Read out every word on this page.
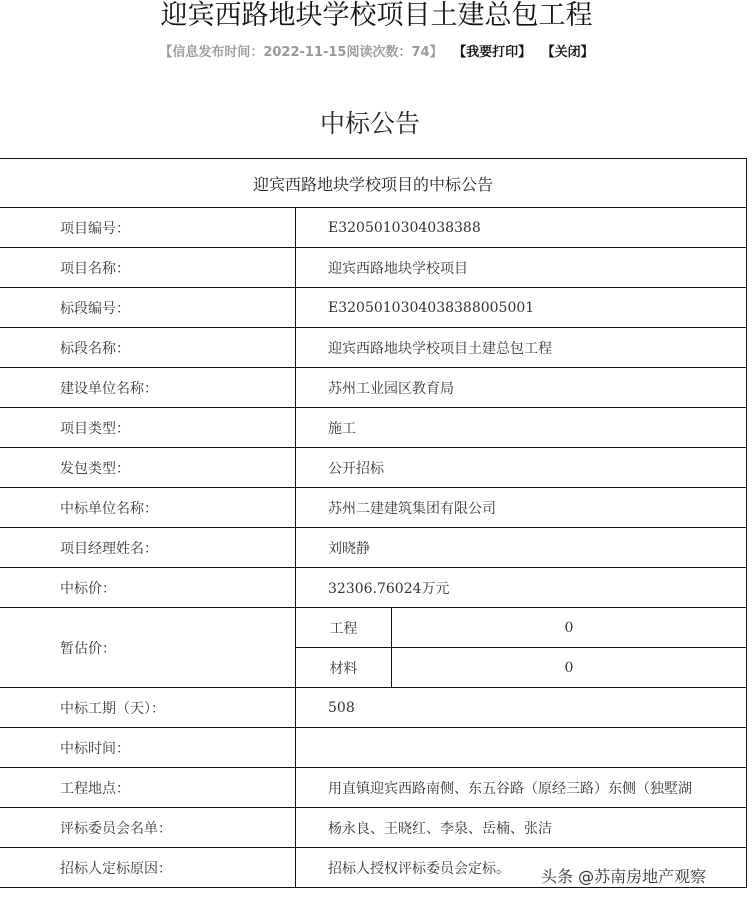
迎宾西路地块学校项目土建总包工程
【信息发布时间：2022-11-15阅读次数：74】 【我要打印】 【关闭】
中标公告
迎宾西路地块学校项目的中标公告		
项目编号：	E3205010304038388	
项目名称：	迎宾西路地块学校项目	
标段编号：	E3205010304038388005001	
标段名称：	迎宾西路地块学校项目土建总包工程	
建设单位名称：	苏州工业园区教育局	
项目类型：	施工	
发包类型：	公开招标	
中标单位名称：	苏州二建建筑集团有限公司	
项目经理姓名：	刘晓静	
中标价：	32306.76024万元	
暂估价：	工程	0
	材料	0
中标工期（天）：	508	
中标时间：		
工程地点：	用直镇迎宾西路南侧、东五谷路（原经三路）东侧（独墅湖	

评标委员会名单：	杨永良、王晓红、李泉、岳楠、张洁	
招标人定标原因：	招标人授权评标委员会定标。	头条 @苏南房地产观察
